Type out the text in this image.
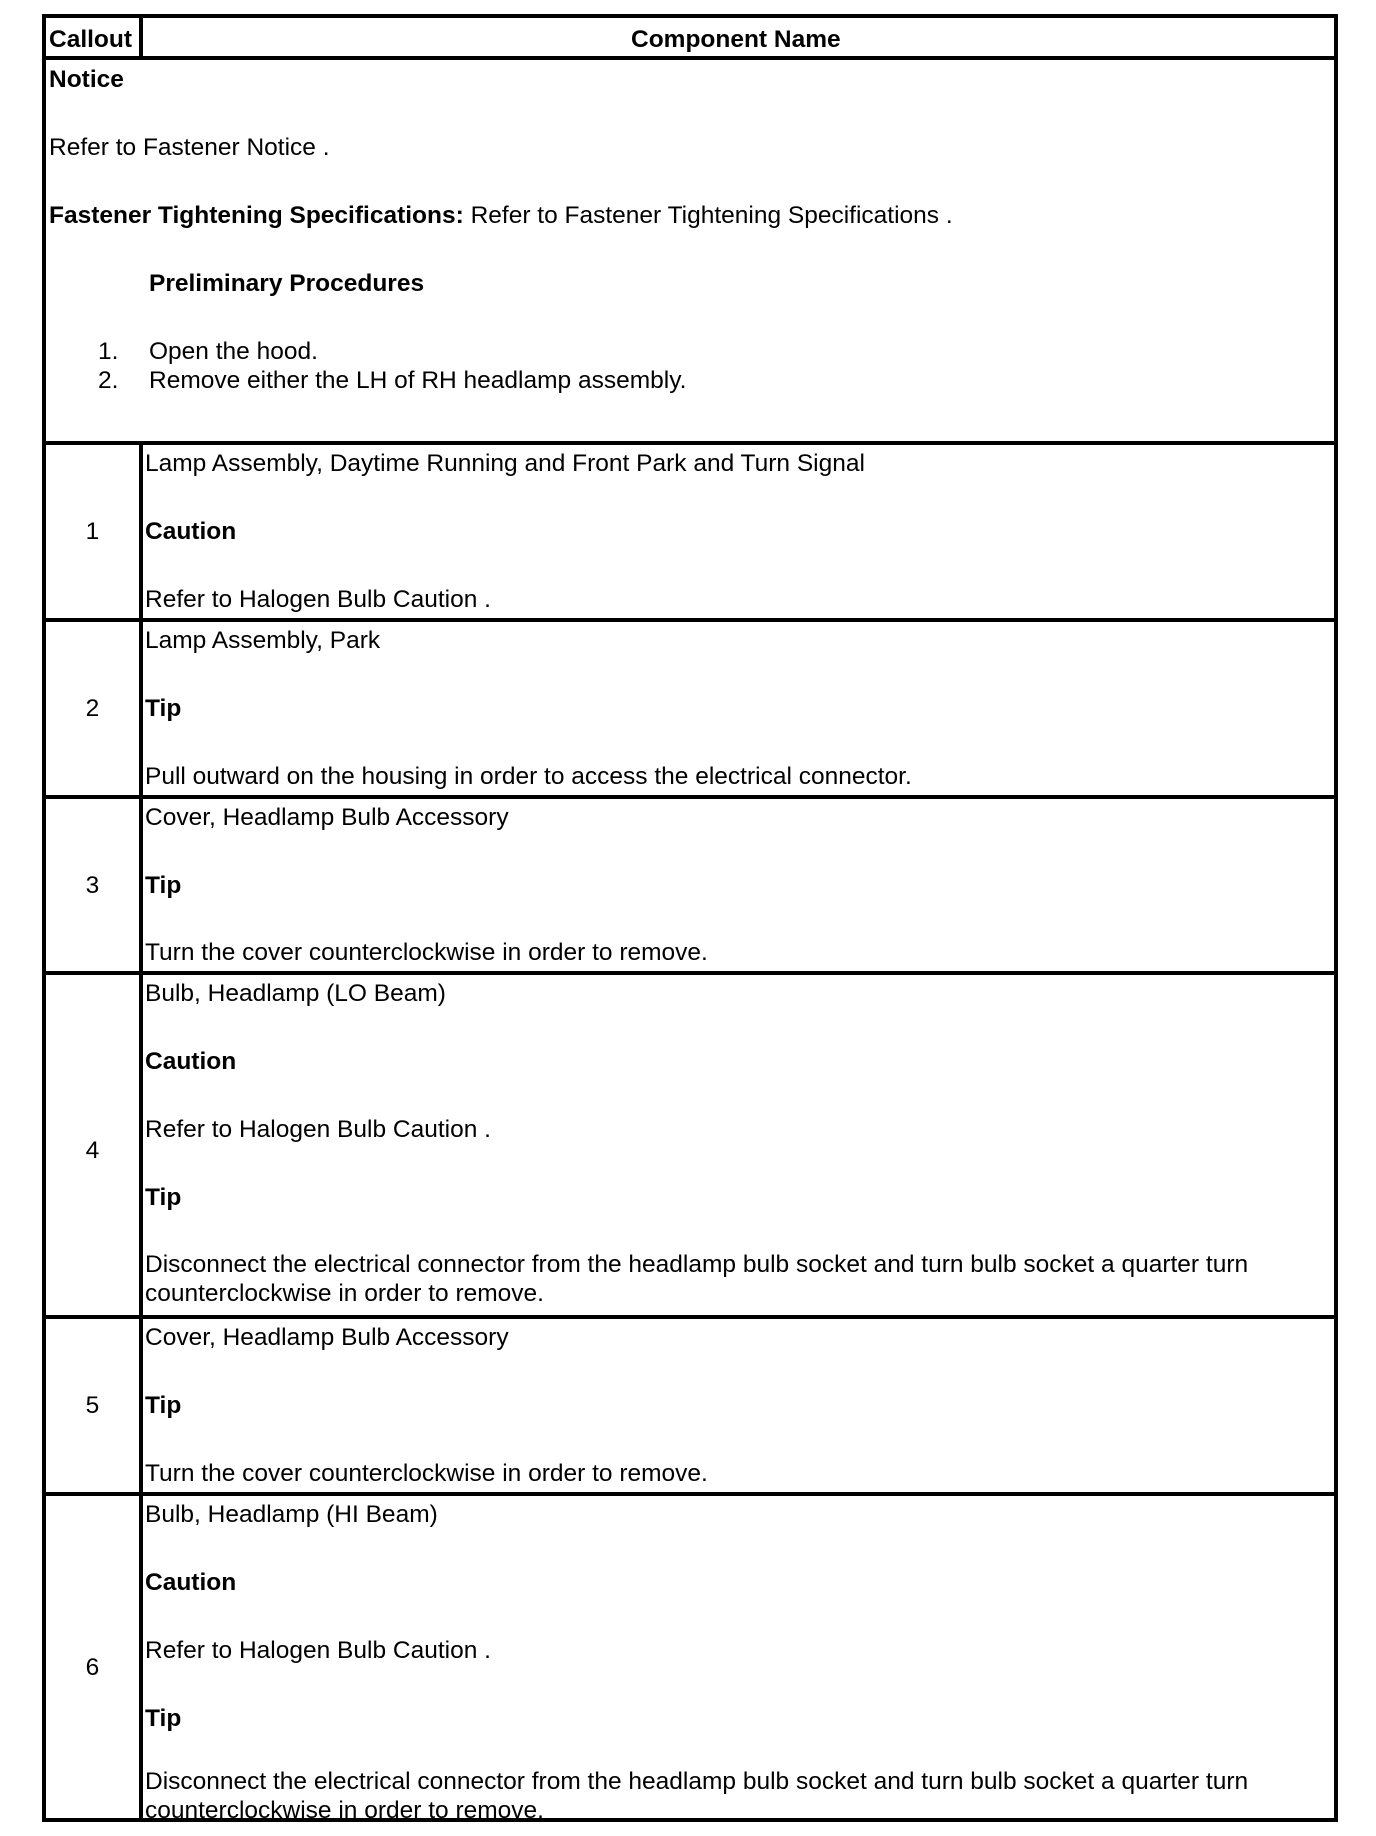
Callout	Component Name
Notice
Refer to Fastener Notice .
Fastener Tightening Specifications: Refer to Fastener Tightening Specifications .
Preliminary Procedures
1. Open the hood.
2. Remove either the LH of RH headlamp assembly.
1
Lamp Assembly, Daytime Running and Front Park and Turn Signal
Caution
Refer to Halogen Bulb Caution .
2
Lamp Assembly, Park
Tip
Pull outward on the housing in order to access the electrical connector.
3
Cover, Headlamp Bulb Accessory
Tip
Turn the cover counterclockwise in order to remove.
4
Bulb, Headlamp (LO Beam)
Caution
Refer to Halogen Bulb Caution .
Tip
Disconnect the electrical connector from the headlamp bulb socket and turn bulb socket a quarter turn counterclockwise in order to remove.
5
Cover, Headlamp Bulb Accessory
Tip
Turn the cover counterclockwise in order to remove.
6
Bulb, Headlamp (HI Beam)
Caution
Refer to Halogen Bulb Caution .
Tip
Disconnect the electrical connector from the headlamp bulb socket and turn bulb socket a quarter turn counterclockwise in order to remove.
